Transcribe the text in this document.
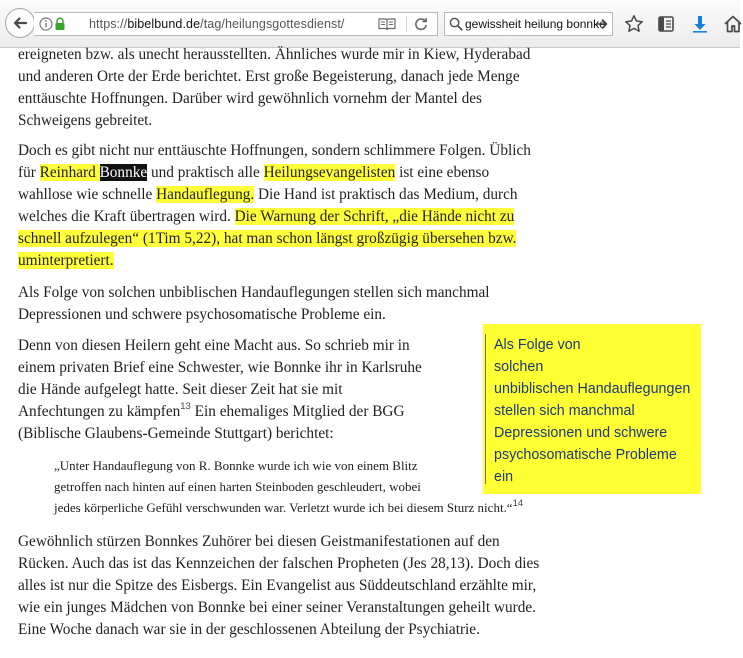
https://bibelbund.de/tag/heilungsgottesdienst/	gewissheit heilung bonnke

ereigneten bzw. als unecht herausstellten. Ähnliches wurde mir in Kiew, Hyderabad
und anderen Orte der Erde berichtet. Erst große Begeisterung, danach jede Menge
enttäuschte Hoffnungen. Darüber wird gewöhnlich vornehm der Mantel des
Schweigens gebreitet.

Doch es gibt nicht nur enttäuschte Hoffnungen, sondern schlimmere Folgen. Üblich
für Reinhard Bonnke und praktisch alle Heilungsevangelisten ist eine ebenso
wahllose wie schnelle Handauflegung. Die Hand ist praktisch das Medium, durch
welches die Kraft übertragen wird. Die Warnung der Schrift, „die Hände nicht zu
schnell aufzulegen“ (1Tim 5,22), hat man schon längst großzügig übersehen bzw.
uminterpretiert.

Als Folge von solchen unbiblischen Handauflegungen stellen sich manchmal
Depressionen und schwere psychosomatische Probleme ein.

Denn von diesen Heilern geht eine Macht aus. So schrieb mir in
einem privaten Brief eine Schwester, wie Bonnke ihr in Karlsruhe
die Hände aufgelegt hatte. Seit dieser Zeit hat sie mit
Anfechtungen zu kämpfen$^{13}$ Ein ehemaliges Mitglied der BGG
(Biblische Glaubens-Gemeinde Stuttgart) berichtet:

„Unter Handauflegung von R. Bonnke wurde ich wie von einem Blitz
getroffen nach hinten auf einen harten Steinboden geschleudert, wobei
jedes körperliche Gefühl verschwunden war. Verletzt wurde ich bei diesem Sturz nicht.“$^{14}$

Gewöhnlich stürzen Bonnkes Zuhörer bei diesen Geistmanifestationen auf den
Rücken. Auch das ist das Kennzeichen der falschen Propheten (Jes 28,13). Doch dies
alles ist nur die Spitze des Eisbergs. Ein Evangelist aus Süddeutschland erzählte mir,
wie ein junges Mädchen von Bonnke bei einer seiner Veranstaltungen geheilt wurde.
Eine Woche danach war sie in der geschlossenen Abteilung der Psychiatrie.

Als Folge von
solchen
unbiblischen Handauflegungen
stellen sich manchmal
Depressionen und schwere
psychosomatische Probleme
ein
